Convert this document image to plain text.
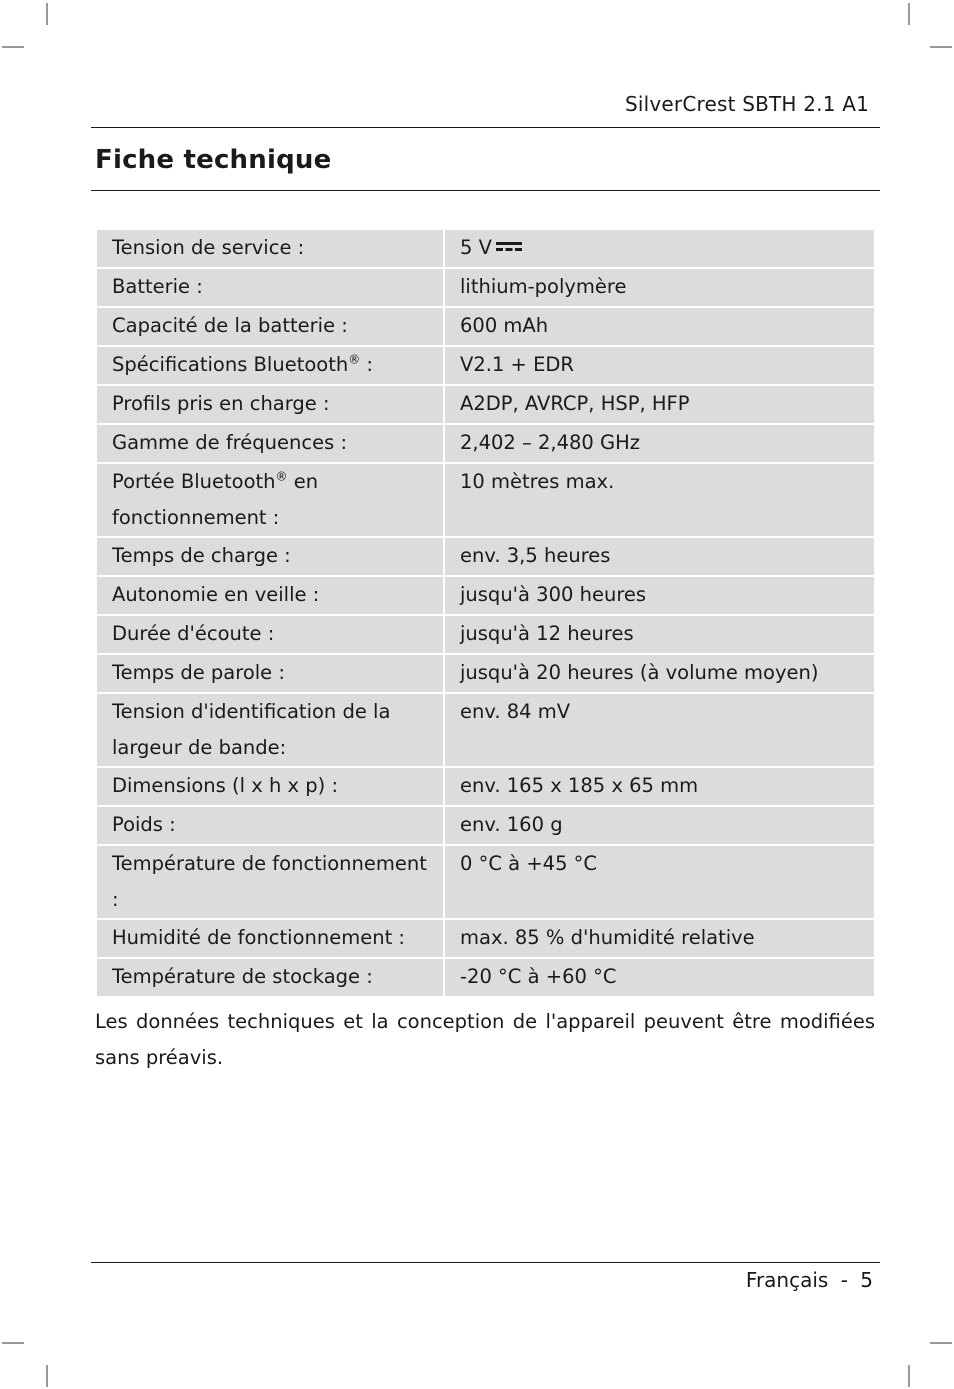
SilverCrest SBTH 2.1 A1
Fiche technique
Tension de service :	5 V
Batterie :	lithium-polymère
Capacité de la batterie :	600 mAh
Spécifications Bluetooth® :	V2.1 + EDR
Profils pris en charge :	A2DP, AVRCP, HSP, HFP
Gamme de fréquences :	2,402 – 2,480 GHz
Portée Bluetooth® en fonctionnement :	10 mètres max.
Temps de charge :	env. 3,5 heures
Autonomie en veille :	jusqu'à 300 heures
Durée d'écoute :	jusqu'à 12 heures
Temps de parole :	jusqu'à 20 heures (à volume moyen)
Tension d'identification de la largeur de bande:	env. 84 mV
Dimensions (l x h x p) :	env. 165 x 185 x 65 mm
Poids :	env. 160 g
Température de fonctionnement :	0 °C à +45 °C
Humidité de fonctionnement :	max. 85 % d'humidité relative
Température de stockage :	-20 °C à +60 °C

Les données techniques et la conception de l'appareil peuvent être modifiées sans préavis.

Français - 5
